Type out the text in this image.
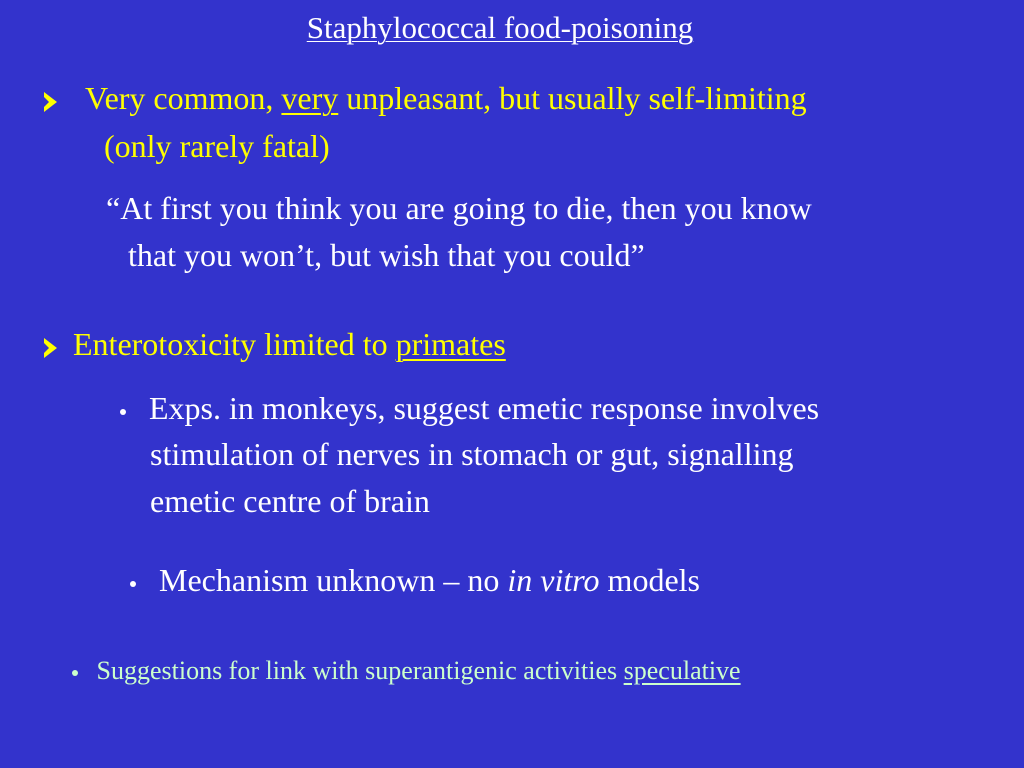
Staphylococcal food-poisoning
Very common, very unpleasant, but usually self-limiting
(only rarely fatal)
“At first you think you are going to die, then you know
that you won’t, but wish that you could”
Enterotoxicity limited to primates
Exps. in monkeys, suggest emetic response involves
stimulation of nerves in stomach or gut, signalling
emetic centre of brain
Mechanism unknown – no in vitro models
Suggestions for link with superantigenic activities speculative
